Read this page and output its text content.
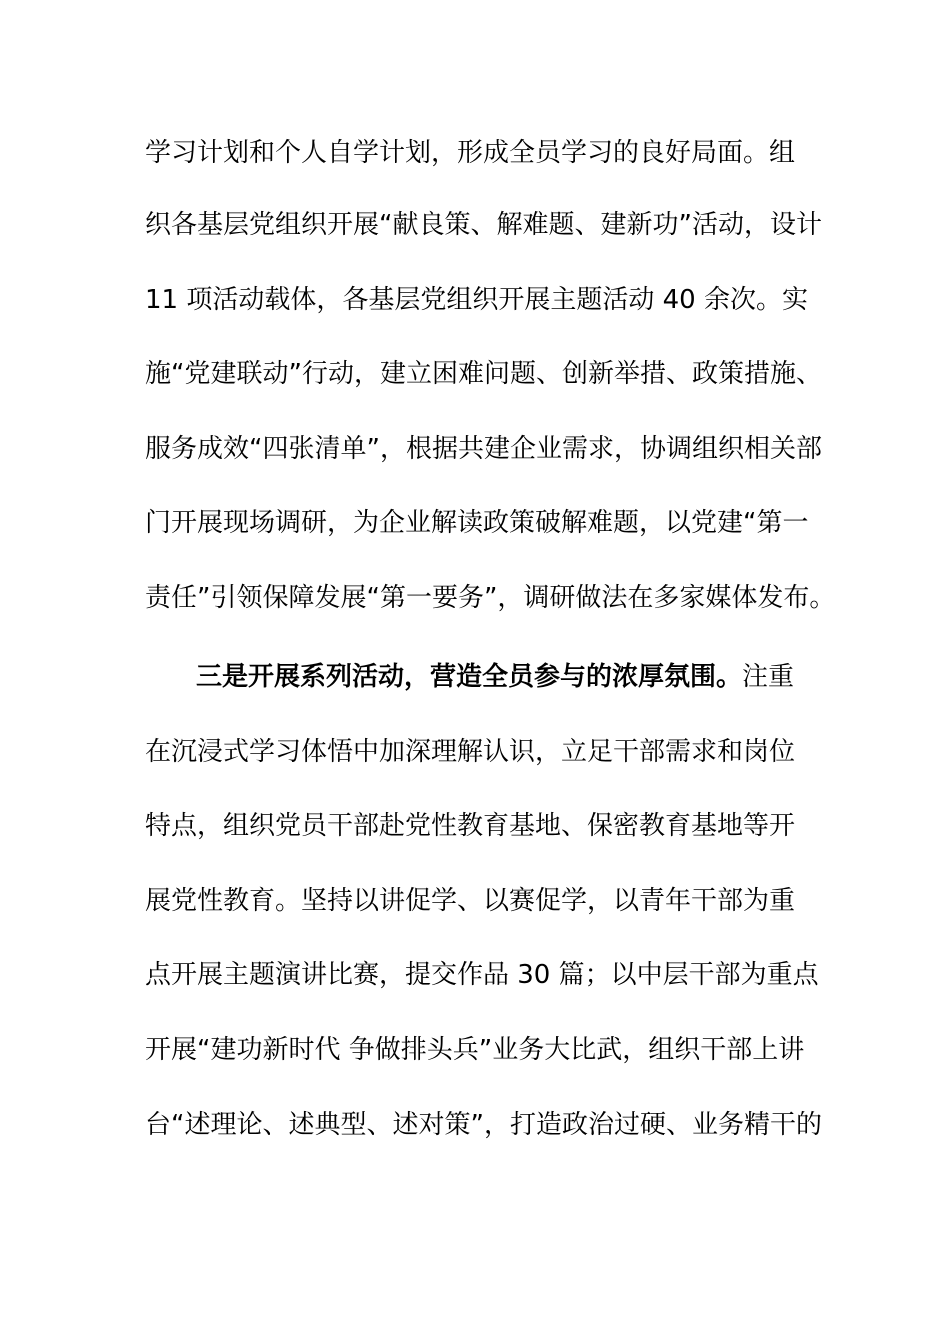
学习计划和个人自学计划，形成全员学习的良好局面。组
织各基层党组织开展“献良策、解难题、建新功”活动，设计
11 项活动载体，各基层党组织开展主题活动 40 余次。实
施“党建联动”行动，建立困难问题、创新举措、政策措施、
服务成效“四张清单”，根据共建企业需求，协调组织相关部
门开展现场调研，为企业解读政策破解难题，以党建“第一
责任”引领保障发展“第一要务”，调研做法在多家媒体发布。
三是开展系列活动，营造全员参与的浓厚氛围。注重
在沉浸式学习体悟中加深理解认识，立足干部需求和岗位
特点，组织党员干部赴党性教育基地、保密教育基地等开
展党性教育。坚持以讲促学、以赛促学，以青年干部为重
点开展主题演讲比赛，提交作品 30 篇；以中层干部为重点
开展“建功新时代 争做排头兵”业务大比武，组织干部上讲
台“述理论、述典型、述对策”，打造政治过硬、业务精干的
